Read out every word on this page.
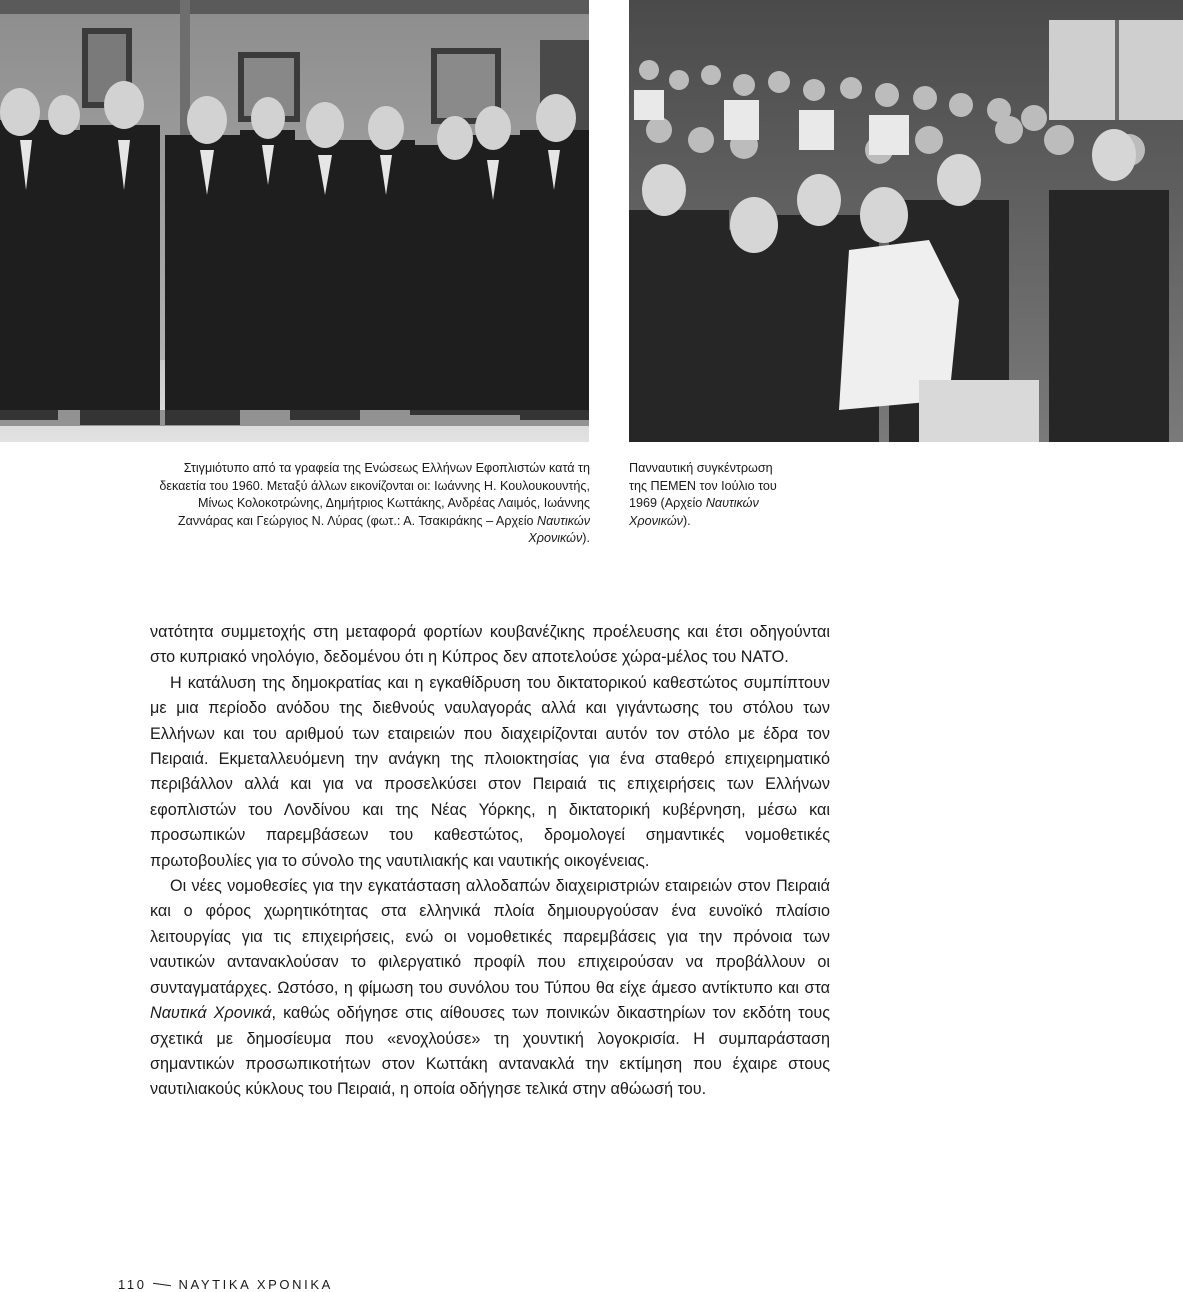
Στιγμιότυπο από τα γραφεία της Ενώσεως Ελλήνων Εφοπλιστών κατά τη δεκαετία του 1960. Μεταξύ άλλων εικονίζονται οι: Ιωάννης Η. Κουλουκουντής, Μίνως Κολοκοτρώνης, Δημήτριος Κωττάκης, Ανδρέας Λαιμός, Ιωάννης Ζαννάρας και Γεώργιος Ν. Λύρας (φωτ.: Α. Τσακιράκης – Αρχείο Ναυτικών Χρονικών).

Πανναυτική συγκέντρωση της ΠΕΜΕΝ τον Ιούλιο του 1969 (Αρχείο Ναυτικών Χρονικών).

νατότητα συμμετοχής στη μεταφορά φορτίων κουβανέζικης προέλευσης και έτσι οδηγούνται στο κυπριακό νηολόγιο, δεδομένου ότι η Κύπρος δεν αποτελούσε χώρα-μέλος του ΝΑΤΟ.

Η κατάλυση της δημοκρατίας και η εγκαθίδρυση του δικτατορικού καθεστώτος συμπίπτουν με μια περίοδο ανόδου της διεθνούς ναυλαγοράς αλλά και γιγάντωσης του στόλου των Ελλήνων και του αριθμού των εταιρειών που διαχειρίζονται αυτόν τον στόλο με έδρα τον Πειραιά. Εκμεταλλευόμενη την ανάγκη της πλοιοκτησίας για ένα σταθερό επιχειρηματικό περιβάλλον αλλά και για να προσελκύσει στον Πειραιά τις επιχειρήσεις των Ελλήνων εφοπλιστών του Λονδίνου και της Νέας Υόρκης, η δικτατορική κυβέρνηση, μέσω και προσωπικών παρεμβάσεων του καθεστώτος, δρομολογεί σημαντικές νομοθετικές πρωτοβουλίες για το σύνολο της ναυτιλιακής και ναυτικής οικογένειας.

Οι νέες νομοθεσίες για την εγκατάσταση αλλοδαπών διαχειριστριών εταιρειών στον Πειραιά και ο φόρος χωρητικότητας στα ελληνικά πλοία δημιουργούσαν ένα ευνοϊκό πλαίσιο λειτουργίας για τις επιχειρήσεις, ενώ οι νομοθετικές παρεμβάσεις για την πρόνοια των ναυτικών αντανακλούσαν το φιλεργατικό προφίλ που επιχειρούσαν να προβάλλουν οι συνταγματάρχες. Ωστόσο, η φίμωση του συνόλου του Τύπου θα είχε άμεσο αντίκτυπο και στα Ναυτικά Χρονικά, καθώς οδήγησε στις αίθουσες των ποινικών δικαστηρίων τον εκδότη τους σχετικά με δημοσίευμα που «ενοχλούσε» τη χουντική λογοκρισία. Η συμπαράσταση σημαντικών προσωπικοτήτων στον Κωττάκη αντανακλά την εκτίμηση που έχαιρε στους ναυτιλιακούς κύκλους του Πειραιά, η οποία οδήγησε τελικά στην αθώωσή του.

110 ΝΑΥΤΙΚΑ ΧΡΟΝΙΚΑ
